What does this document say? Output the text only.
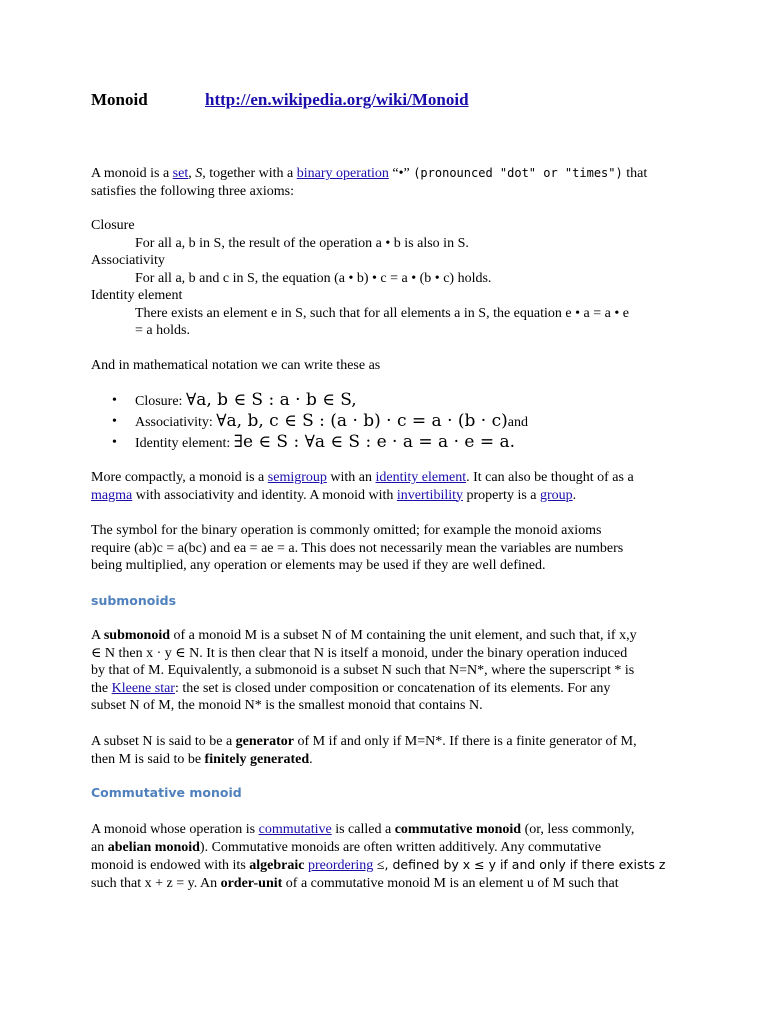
Monoid	http://en.wikipedia.org/wiki/Monoid
A monoid is a set, S, together with a binary operation “•” (pronounced "dot" or "times") that
satisfies the following three axioms:
Closure
For all a, b in S, the result of the operation a • b is also in S.
Associativity
For all a, b and c in S, the equation (a • b) • c = a • (b • c) holds.
Identity element
There exists an element e in S, such that for all elements a in S, the equation e • a = a • e
= a holds.
And in mathematical notation we can write these as
• Closure: ∀a, b ∈ S : a · b ∈ S,
• Associativity: ∀a, b, c ∈ S : (a · b) · c = a · (b · c)and
• Identity element: ∃e ∈ S : ∀a ∈ S : e · a = a · e = a.
More compactly, a monoid is a semigroup with an identity element. It can also be thought of as a
magma with associativity and identity. A monoid with invertibility property is a group.
The symbol for the binary operation is commonly omitted; for example the monoid axioms
require (ab)c = a(bc) and ea = ae = a. This does not necessarily mean the variables are numbers
being multiplied, any operation or elements may be used if they are well defined.
submonoids
A submonoid of a monoid M is a subset N of M containing the unit element, and such that, if x,y
∈ N then x · y ∈ N. It is then clear that N is itself a monoid, under the binary operation induced
by that of M. Equivalently, a submonoid is a subset N such that N=N*, where the superscript * is
the Kleene star: the set is closed under composition or concatenation of its elements. For any
subset N of M, the monoid N* is the smallest monoid that contains N.
A subset N is said to be a generator of M if and only if M=N*. If there is a finite generator of M,
then M is said to be finitely generated.
Commutative monoid
A monoid whose operation is commutative is called a commutative monoid (or, less commonly,
an abelian monoid). Commutative monoids are often written additively. Any commutative
monoid is endowed with its algebraic preordering ≤, defined by x ≤ y if and only if there exists z
such that x + z = y. An order-unit of a commutative monoid M is an element u of M such that
